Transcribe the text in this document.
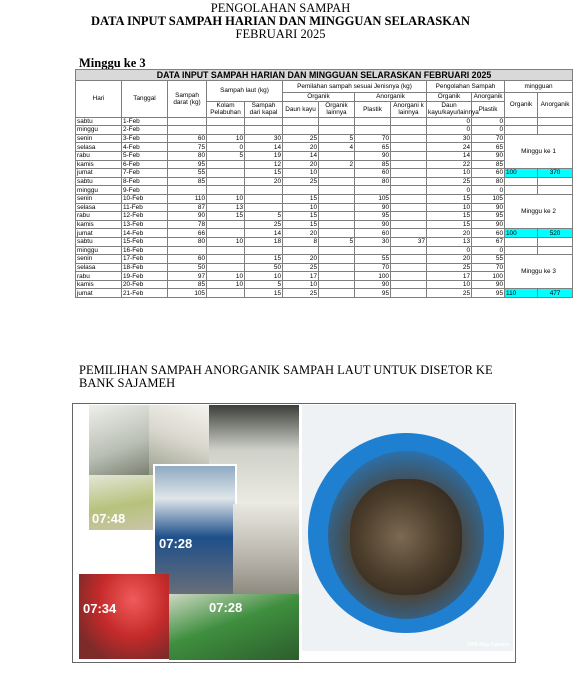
PENGOLAHAN SAMPAH
DATA INPUT SAMPAH HARIAN DAN MINGGUAN SELARASKAN
FEBRUARI 2025
Minggu ke 3
DATA INPUT SAMPAH HARIAN DAN MINGGUAN SELARASKAN FEBRUARI 2025												
Hari	Tanggal	Sampah darat (kg)	Sampah laut (kg)		Pemilahan sampah sesuai Jenisnya (kg)				Pengolahan Sampah		mingguan	
					Organik		Anorganik		Organik	Anorganik	Organik	Anorganik
			Kolam Pelabuhan	Sampah dari kapal	Daun kayu	Organik lainnya	Plastik	Anorgani k lainnya	Daun kayu/kayu/lainnya	Plastik		
sabtu	1-Feb								0	0		
minggu	2-Feb								0	0		
senin	3-Feb	60	10	30	25	5	70		30	70	Minggu ke 1	
selasa	4-Feb	75	0	14	20	4	65		24	65		
rabu	5-Feb	80	5	19	14		90		14	90		
kamis	6-Feb	95		12	20	2	85		22	85		
jumat	7-Feb	55		15	10		60		10	60	100	370
sabtu	8-Feb	85		20	25		80		25	80		
minggu	9-Feb								0	0		
senin	10-Feb	110	10		15		105		15	105	Minggu ke 2	
selasa	11-Feb	87	13		10		90		10	90		
rabu	12-Feb	90	15	5	15		95		15	95		
kamis	13-Feb	78		25	15		90		15	90		
jumat	14-Feb	66		14	20		60		20	60	100	520
sabtu	15-Feb	80	10	18	8	5	30	37	13	67		
minggu	16-Feb								0	0		
senin	17-Feb	60		15	20		55		20	55	Minggu ke 3	
selasa	18-Feb	50		50	25		70		25	70		
rabu	19-Feb	97	10	10	17		100		17	100		
kamis	20-Feb	85	10	5	10		90		10	90		
jumat	21-Feb	105		15	25		95		25	95	110	477
PEMILIHAN SAMPAH ANORGANIK SAMPAH LAUT UNTUK DISETOR KE BANK SAJAMEH
07:48
07:28
07:34	07:28
GPS Map Camera
